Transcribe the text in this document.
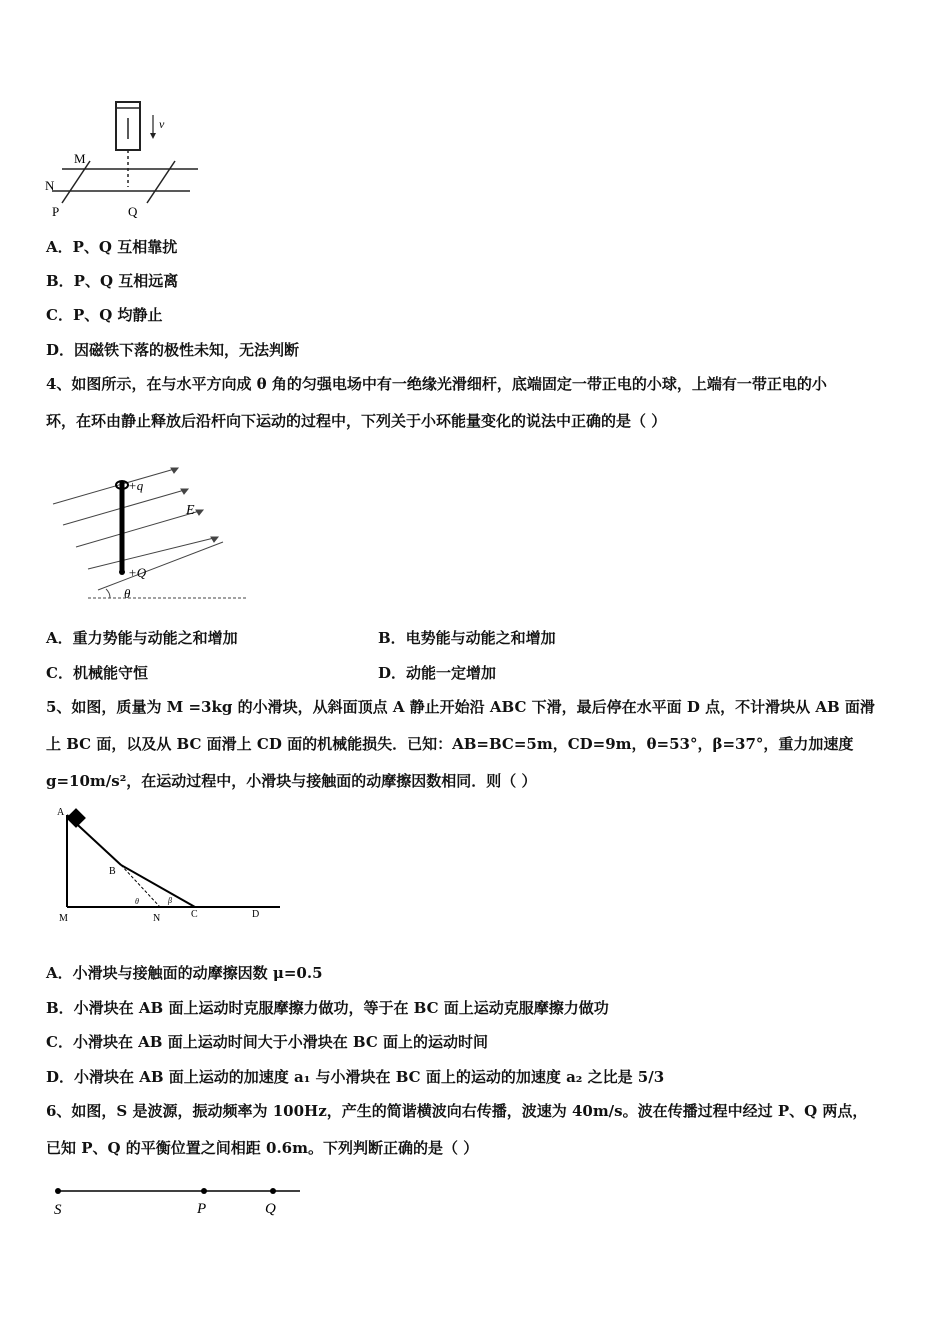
v
M
N
P	Q
A．P、Q 互相靠扰
B．P、Q 互相远离
C．P、Q 均静止
D．因磁铁下落的极性未知，无法判断
4、如图所示，在与水平方向成 θ 角的匀强电场中有一绝缘光滑细杆，底端固定一带正电的小球，上端有一带正电的小
环，在环由静止释放后沿杆向下运动的过程中，下列关于小环能量变化的说法中正确的是（ ）
+q
E
+Q
θ
A．重力势能与动能之和增加	B．电势能与动能之和增加
C．机械能守恒	D．动能一定增加
5、如图，质量为 M =3kg 的小滑块，从斜面顶点 A 静止开始沿 ABC 下滑，最后停在水平面 D 点，不计滑块从 AB 面滑
上 BC 面，以及从 BC 面滑上 CD 面的机械能损失．已知：AB=BC=5m，CD=9m，θ=53°，β=37°，重力加速度
g=10m/s²，在运动过程中，小滑块与接触面的动摩擦因数相同．则（ ）
A
B
M	N	C	D
θ	β
A．小滑块与接触面的动摩擦因数 μ=0.5
B．小滑块在 AB 面上运动时克服摩擦力做功，等于在 BC 面上运动克服摩擦力做功
C．小滑块在 AB 面上运动时间大于小滑块在 BC 面上的运动时间
D．小滑块在 AB 面上运动的加速度 a₁ 与小滑块在 BC 面上的运动的加速度 a₂ 之比是 5/3
6、如图，S 是波源，振动频率为 100Hz，产生的简谐横波向右传播，波速为 40m/s。波在传播过程中经过 P、Q 两点，
已知 P、Q 的平衡位置之间相距 0.6m。下列判断正确的是（ ）
S	P	Q
